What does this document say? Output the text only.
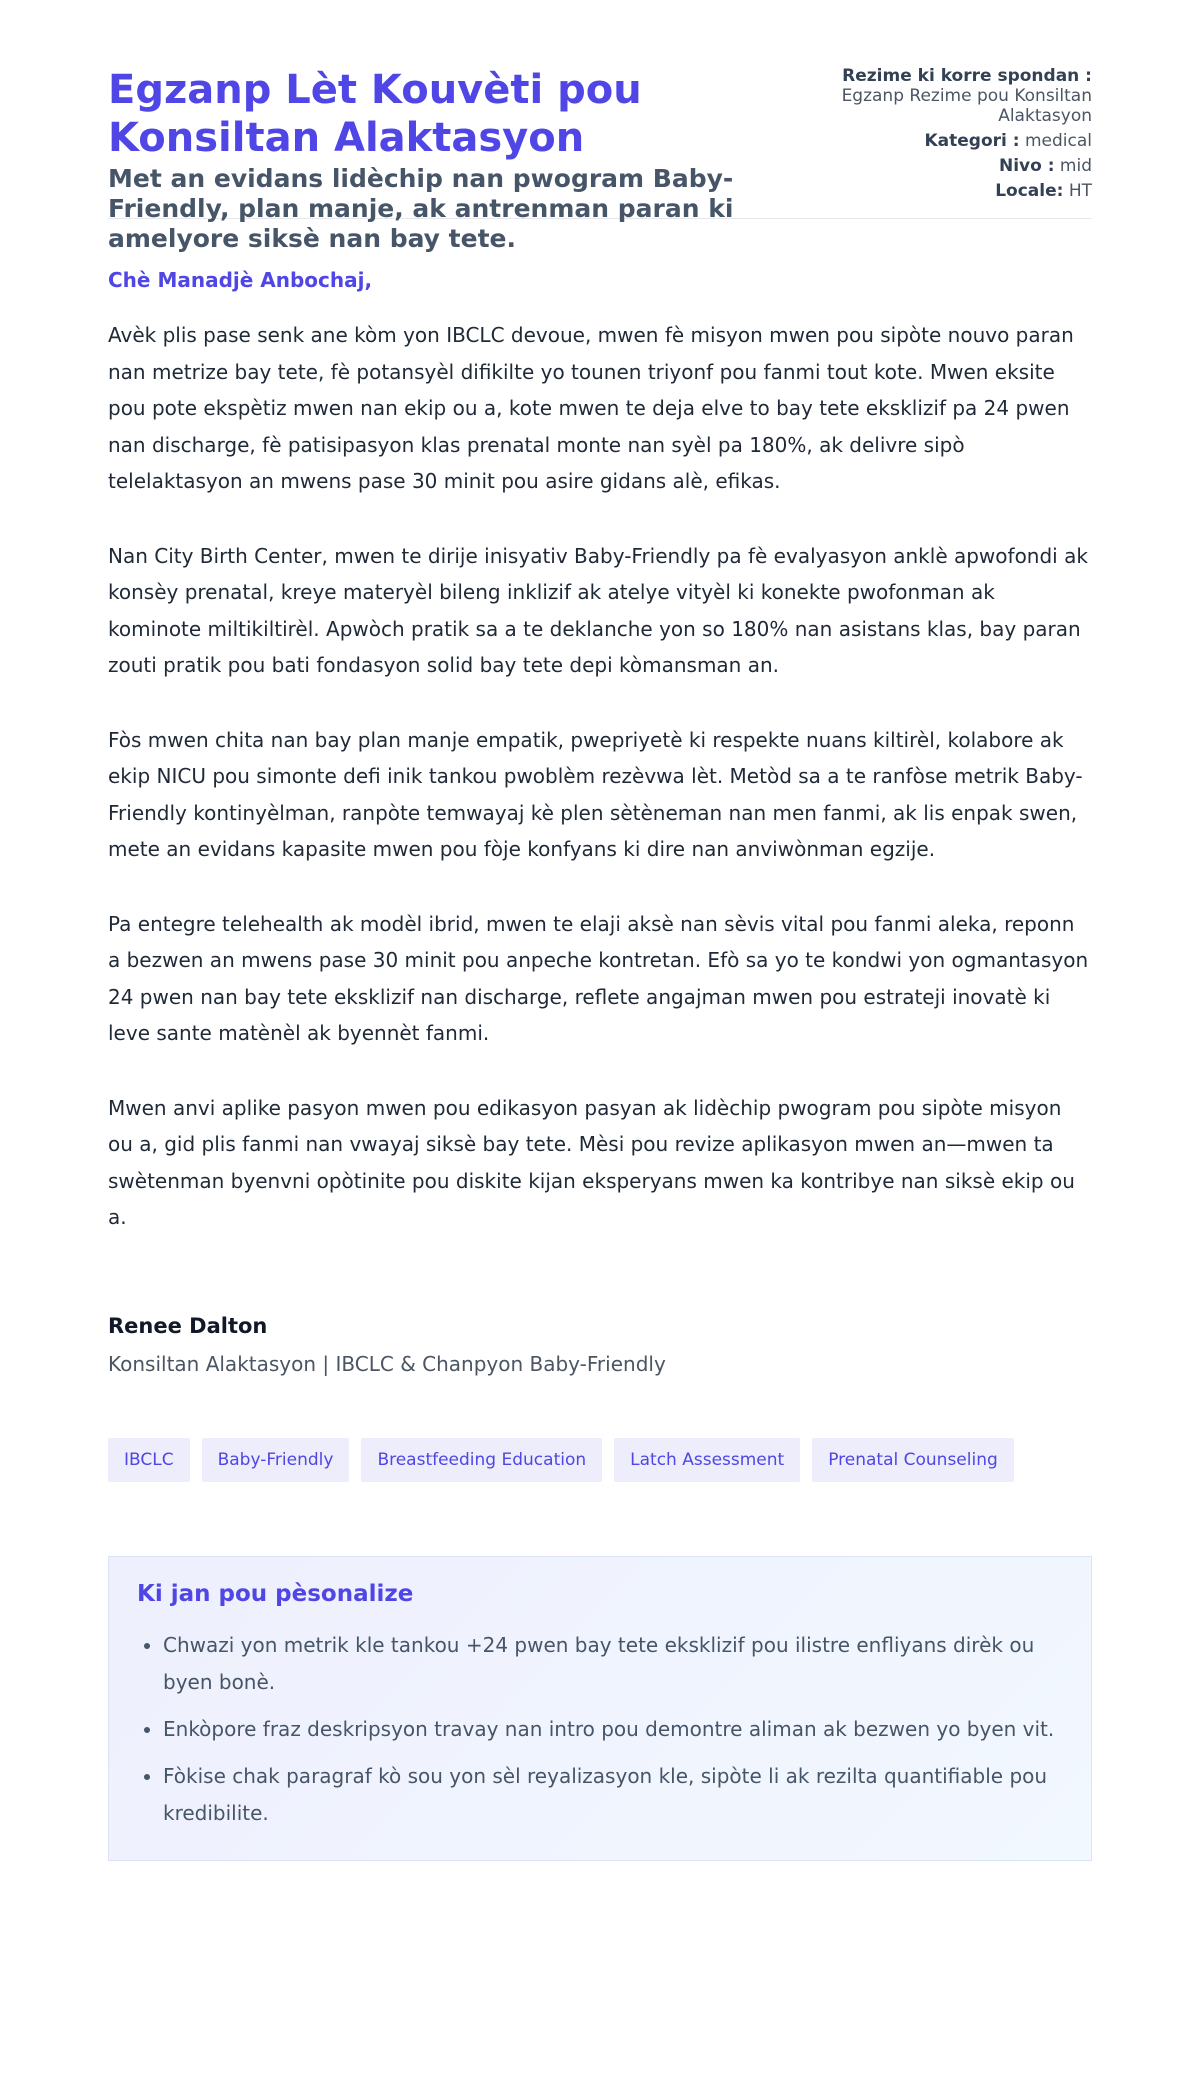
Egzanp Lèt Kouvèti pou Konsiltan Alaktasyon

Met an evidans lidèchip nan pwogram Baby-Friendly, plan manje, ak antrenman paran ki amelyore siksè nan bay tete.

Rezime ki korre spondan :
Egzanp Rezime pou Konsiltan Alaktasyon
Kategori : medical
Nivo : mid
Locale: HT

Chè Manadjè Anbochaj,

Avèk plis pase senk ane kòm yon IBCLC devoue, mwen fè misyon mwen pou sipòte nouvo paran nan metrize bay tete, fè potansyèl difikilte yo tounen triyonf pou fanmi tout kote. Mwen eksite pou pote ekspètiz mwen nan ekip ou a, kote mwen te deja elve to bay tete eksklizif pa 24 pwen nan discharge, fè patisipasyon klas prenatal monte nan syèl pa 180%, ak delivre sipò telelaktasyon an mwens pase 30 minit pou asire gidans alè, efikas.

Nan City Birth Center, mwen te dirije inisyativ Baby-Friendly pa fè evalyasyon anklè apwofondi ak konsèy prenatal, kreye materyèl bileng inklizif ak atelye vityèl ki konekte pwofonman ak kominote miltikiltirèl. Apwòch pratik sa a te deklanche yon so 180% nan asistans klas, bay paran zouti pratik pou bati fondasyon solid bay tete depi kòmansman an.

Fòs mwen chita nan bay plan manje empatik, pwepriyetè ki respekte nuans kiltirèl, kolabore ak ekip NICU pou simonte defi inik tankou pwoblèm rezèvwa lèt. Metòd sa a te ranfòse metrik Baby-Friendly kontinyèlman, ranpòte temwayaj kè plen sètèneman nan men fanmi, ak lis enpak swen, mete an evidans kapasite mwen pou fòje konfyans ki dire nan anviwònman egzije.

Pa entegre telehealth ak modèl ibrid, mwen te elaji aksè nan sèvis vital pou fanmi aleka, reponn a bezwen an mwens pase 30 minit pou anpeche kontretan. Efò sa yo te kondwi yon ogmantasyon 24 pwen nan bay tete eksklizif nan discharge, reflete angajman mwen pou estrateji inovatè ki leve sante matènèl ak byennèt fanmi.

Mwen anvi aplike pasyon mwen pou edikasyon pasyan ak lidèchip pwogram pou sipòte misyon ou a, gid plis fanmi nan vwayaj siksè bay tete. Mèsi pou revize aplikasyon mwen an—mwen ta swètenman byenvni opòtinite pou diskite kijan eksperyans mwen ka kontribye nan siksè ekip ou a.

Renee Dalton

Konsiltan Alaktasyon | IBCLC & Chanpyon Baby-Friendly

IBCLC	Baby-Friendly	Breastfeeding Education	Latch Assessment	Prenatal Counseling
Ki jan pou pèsonalize
• Chwazi yon metrik kle tankou +24 pwen bay tete eksklizif pou ilistre enfliyans dirèk ou byen bonè.
• Enkòpore fraz deskripsyon travay nan intro pou demontre aliman ak bezwen yo byen vit.
• Fòkise chak paragraf kò sou yon sèl reyalizasyon kle, sipòte li ak rezilta quantifiable pou kredibilite.
